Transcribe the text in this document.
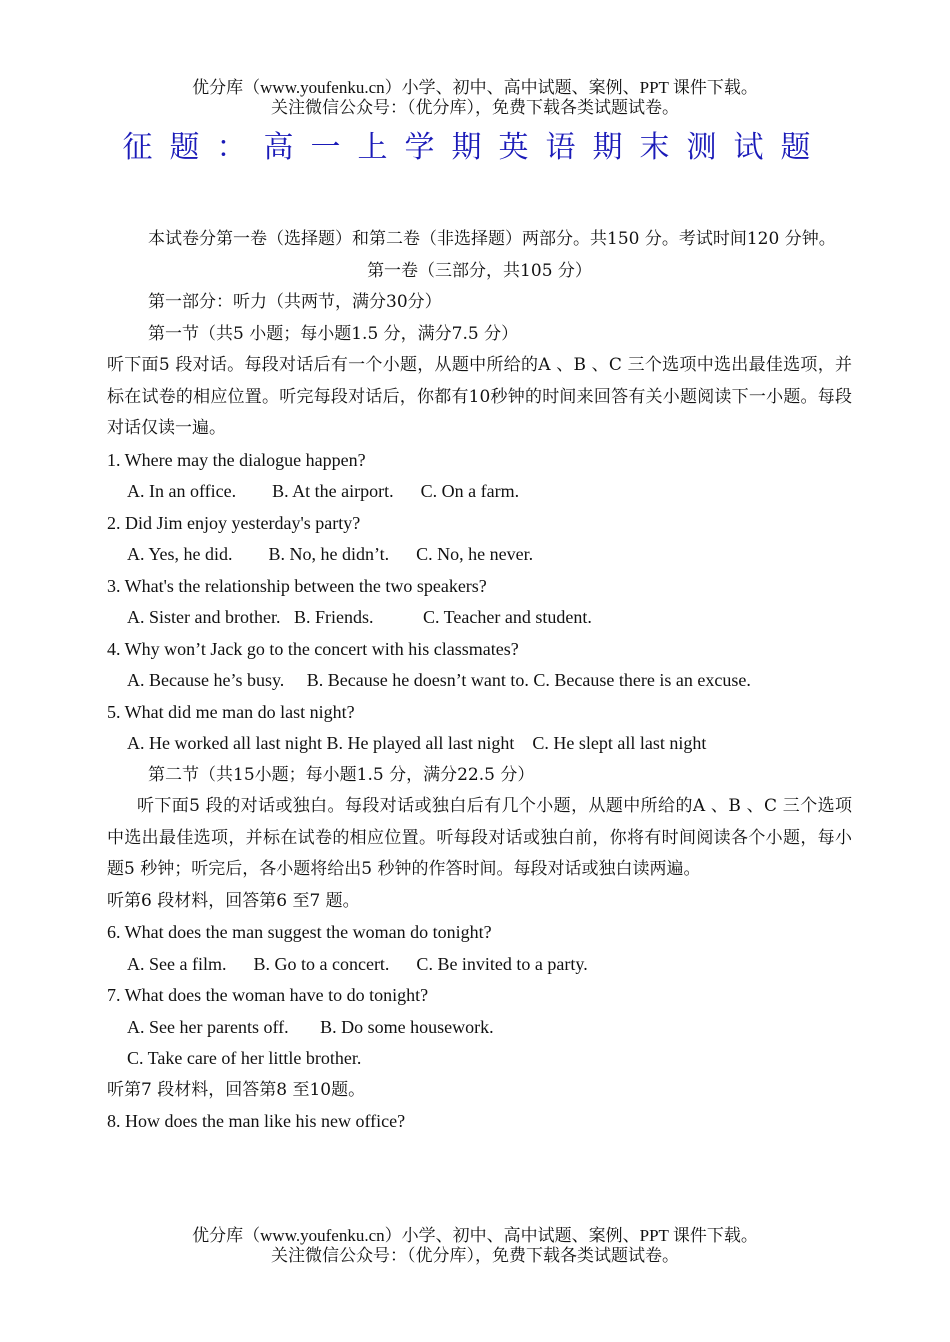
优分库（www.youfenku.cn）小学、初中、高中试题、案例、PPT 课件下载。
关注微信公众号：（优分库），免费下载各类试题试卷。
征题：高一上学期英语期末测试题

本试卷分第一卷（选择题）和第二卷（非选择题）两部分。共150 分。考试时间120 分钟。

第一卷（三部分，共105 分）

第一部分：听力（共两节，满分30分）

第一节（共5 小题；每小题1.5 分，满分7.5 分）

听下面5 段对话。每段对话后有一个小题，从题中所给的A 、B 、C 三个选项中选出最佳选项，并标在试卷的相应位置。听完每段对话后，你都有10秒钟的时间来回答有关小题阅读下一小题。每段对话仅读一遍。

1. Where may the dialogue happen?

A. In an office.        B. At the airport.      C. On a farm.

2. Did Jim enjoy yesterday's party?

A. Yes, he did.        B. No, he didn’t.      C. No, he never.

3. What's the relationship between the two speakers?

A. Sister and brother.   B. Friends.           C. Teacher and student.

4. Why won’t Jack go to the concert with his classmates?

A. Because he’s busy.     B. Because he doesn’t want to. C. Because there is an excuse.

5. What did me man do last night?

A. He worked all last night B. He played all last night    C. He slept all last night

第二节（共15小题；每小题1.5 分，满分22.5 分）

听下面5 段的对话或独白。每段对话或独白后有几个小题，从题中所给的A 、B 、C 三个选项中选出最佳选项，并标在试卷的相应位置。听每段对话或独白前，你将有时间阅读各个小题，每小题5 秒钟；听完后，各小题将给出5 秒钟的作答时间。每段对话或独白读两遍。

听第6 段材料，回答第6 至7 题。

6. What does the man suggest the woman do tonight?

A. See a film.      B. Go to a concert.      C. Be invited to a party.

7. What does the woman have to do tonight?

A. See her parents off.       B. Do some housework.

C. Take care of her little brother.

听第7 段材料，回答第8 至10题。

8. How does the man like his new office?

优分库（www.youfenku.cn）小学、初中、高中试题、案例、PPT 课件下载。
关注微信公众号：（优分库），免费下载各类试题试卷。
